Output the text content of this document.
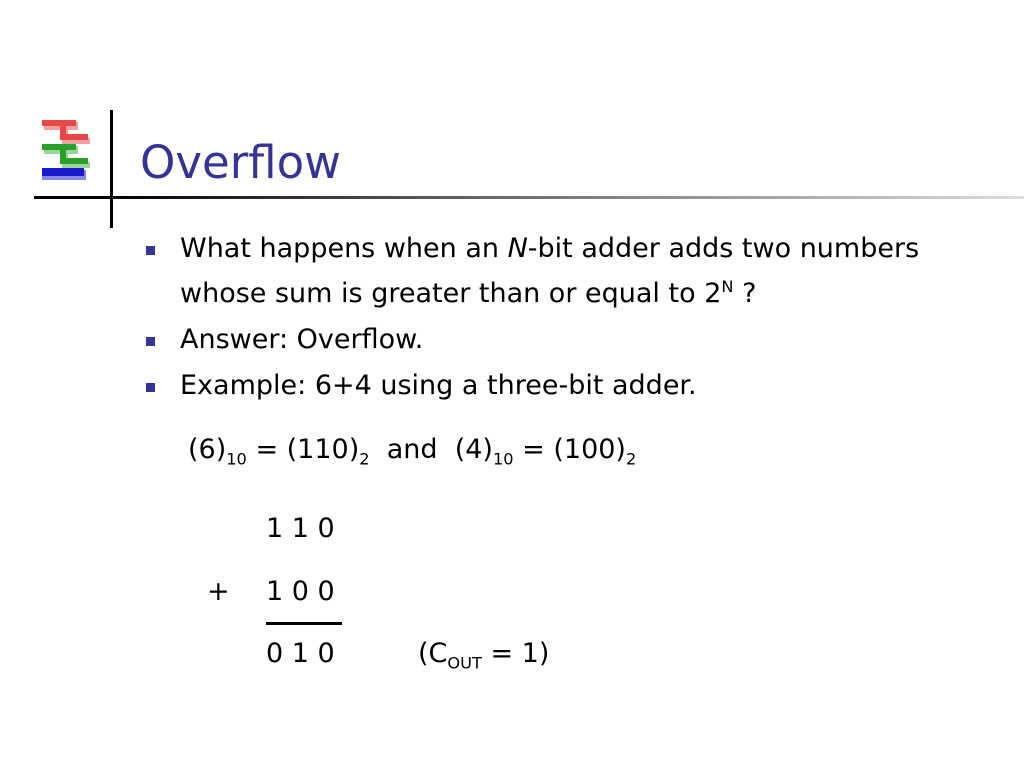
Overflow
What happens when an N-bit adder adds two numbers whose sum is greater than or equal to $2^N$ ?
Answer: Overflow.
Example: 6+4 using a three-bit adder.
$(6)_{10} = (110)_2$  and  $(4)_{10} = (100)_2$
1 1 0
+ 1 0 0
0 1 0	$(C_{OUT} = 1)$
